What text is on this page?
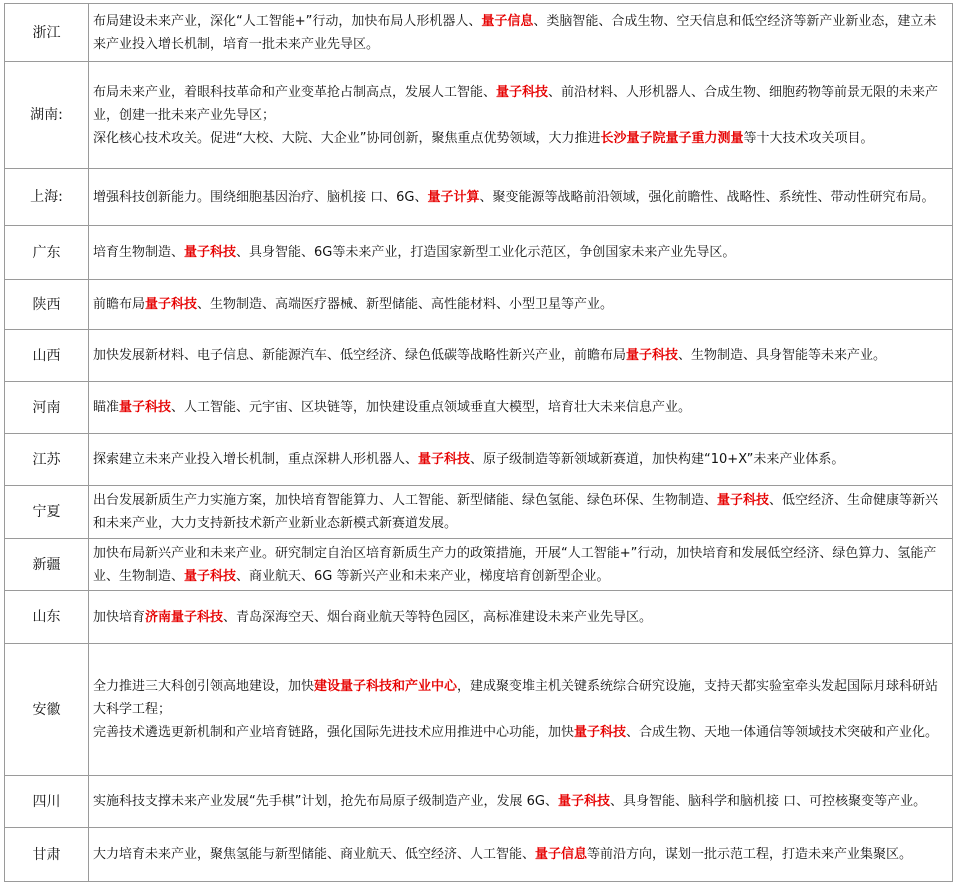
浙江	布局建设未来产业，深化“人工智能+”行动，加快布局人形机器人、量子信息、类脑智能、合成生物、空天信息和低空经济等新产业新业态，建立未来产业投入增长机制，培育一批未来产业先导区。

湖南:	布局未来产业，着眼科技革命和产业变革抢占制高点，发展人工智能、量子科技、前沿材料、人形机器人、合成生物、细胞药物等前景无限的未来产业，创建一批未来产业先导区；
深化核心技术攻关。促进“大校、大院、大企业”协同创新，聚焦重点优势领域，大力推进长沙量子院量子重力测量等十大技术攻关项目。

上海:	增强科技创新能力。围绕细胞基因治疗、脑机接 口、6G、量子计算、聚变能源等战略前沿领域，强化前瞻性、战略性、系统性、带动性研究布局。

广东	培育生物制造、量子科技、具身智能、6G等未来产业，打造国家新型工业化示范区，争创国家未来产业先导区。

陕西	前瞻布局量子科技、生物制造、高端医疗器械、新型储能、高性能材料、小型卫星等产业。

山西	加快发展新材料、电子信息、新能源汽车、低空经济、绿色低碳等战略性新兴产业，前瞻布局量子科技、生物制造、具身智能等未来产业。

河南	瞄准量子科技、人工智能、元宇宙、区块链等，加快建设重点领域垂直大模型，培育壮大未来信息产业。

江苏	探索建立未来产业投入增长机制，重点深耕人形机器人、量子科技、原子级制造等新领域新赛道，加快构建“10+X”未来产业体系。

宁夏	出台发展新质生产力实施方案，加快培育智能算力、人工智能、新型储能、绿色氢能、绿色环保、生物制造、量子科技、低空经济、生命健康等新兴和未来产业，大力支持新技术新产业新业态新模式新赛道发展。

新疆	加快布局新兴产业和未来产业。研究制定自治区培育新质生产力的政策措施，开展“人工智能+”行动，加快培育和发展低空经济、绿色算力、氢能产业、生物制造、量子科技、商业航天、6G 等新兴产业和未来产业，梯度培育创新型企业。

山东	加快培育济南量子科技、青岛深海空天、烟台商业航天等特色园区，高标准建设未来产业先导区。

安徽	全力推进三大科创引领高地建设，加快建设量子科技和产业中心，建成聚变堆主机关键系统综合研究设施，支持天都实验室牵头发起国际月球科研站大科学工程；
完善技术遴选更新机制和产业培育链路，强化国际先进技术应用推进中心功能，加快量子科技、合成生物、天地一体通信等领域技术突破和产业化。

四川	实施科技支撑未来产业发展“先手棋”计划，抢先布局原子级制造产业，发展 6G、量子科技、具身智能、脑科学和脑机接 口、可控核聚变等产业。

甘肃	大力培育未来产业，聚焦氢能与新型储能、商业航天、低空经济、人工智能、量子信息等前沿方向，谋划一批示范工程，打造未来产业集聚区。
